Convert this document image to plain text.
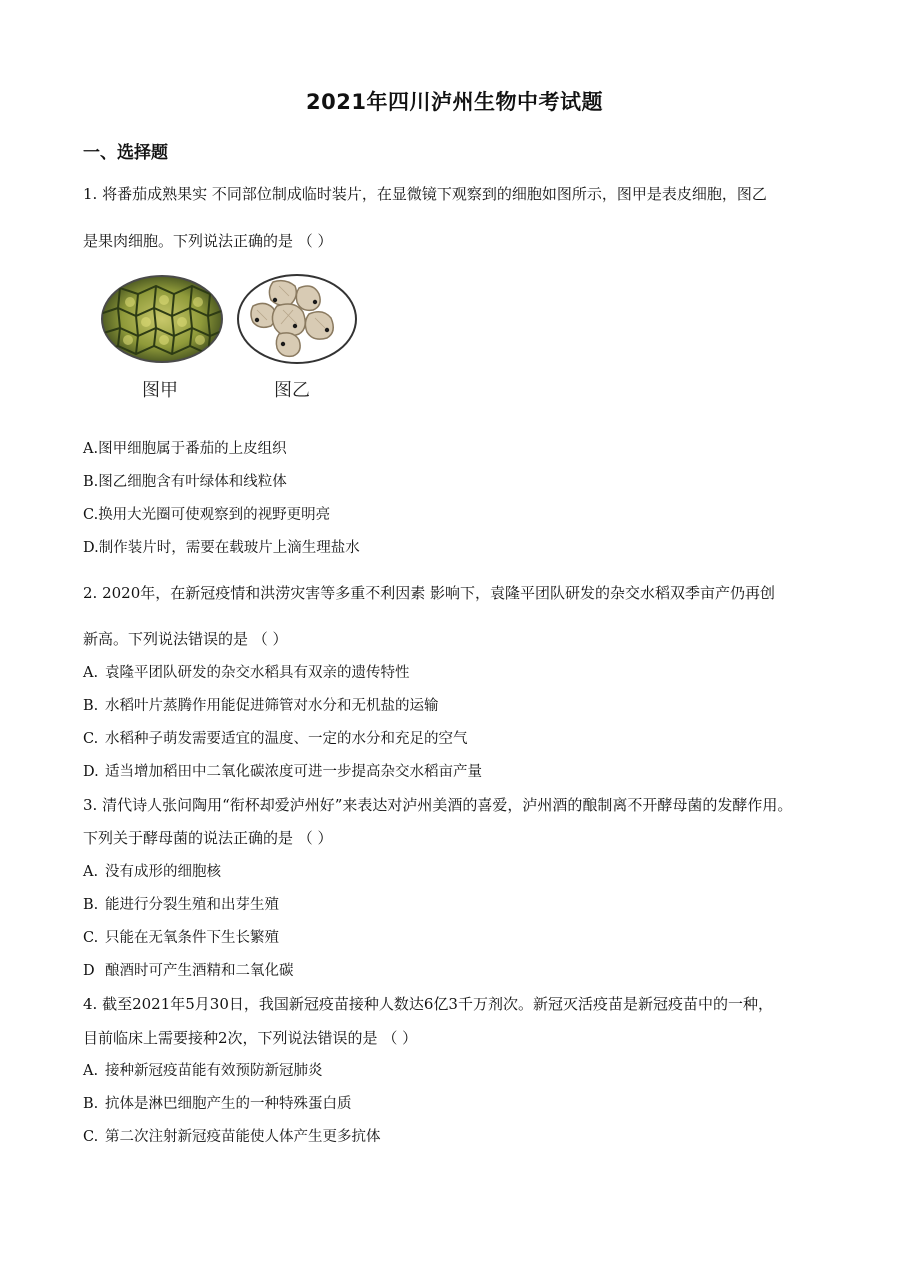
2021年四川泸州生物中考试题
一、选择题
1. 将番茄成熟果实 不同部位制成临时装片，在显微镜下观察到的细胞如图所示，图甲是表皮细胞，图乙
是果肉细胞。下列说法正确的是 （ ）
图甲	图乙
A.图甲细胞属于番茄的上皮组织
B.图乙细胞含有叶绿体和线粒体
C.换用大光圈可使观察到的视野更明亮
D.制作装片时，需要在载玻片上滴生理盐水
2. 2020年，在新冠疫情和洪涝灾害等多重不利因素 影响下，袁隆平团队研发的杂交水稻双季亩产仍再创
新高。下列说法错误的是 （ ）
A. 袁隆平团队研发的杂交水稻具有双亲的遗传特性
B. 水稻叶片蒸腾作用能促进筛管对水分和无机盐的运输
C. 水稻种子萌发需要适宜的温度、一定的水分和充足的空气
D. 适当增加稻田中二氧化碳浓度可进一步提高杂交水稻亩产量
3. 清代诗人张问陶用“衔杯却爱泸州好”来表达对泸州美酒的喜爱，泸州酒的酿制离不开酵母菌的发酵作用。
下列关于酵母菌的说法正确的是 （ ）
A. 没有成形的细胞核
B. 能进行分裂生殖和出芽生殖
C. 只能在无氧条件下生长繁殖
D 酿酒时可产生酒精和二氧化碳
4. 截至2021年5月30日，我国新冠疫苗接种人数达6亿3千万剂次。新冠灭活疫苗是新冠疫苗中的一种，
目前临床上需要接种2次，下列说法错误的是 （ ）
A. 接种新冠疫苗能有效预防新冠肺炎
B. 抗体是淋巴细胞产生的一种特殊蛋白质
C. 第二次注射新冠疫苗能使人体产生更多抗体
